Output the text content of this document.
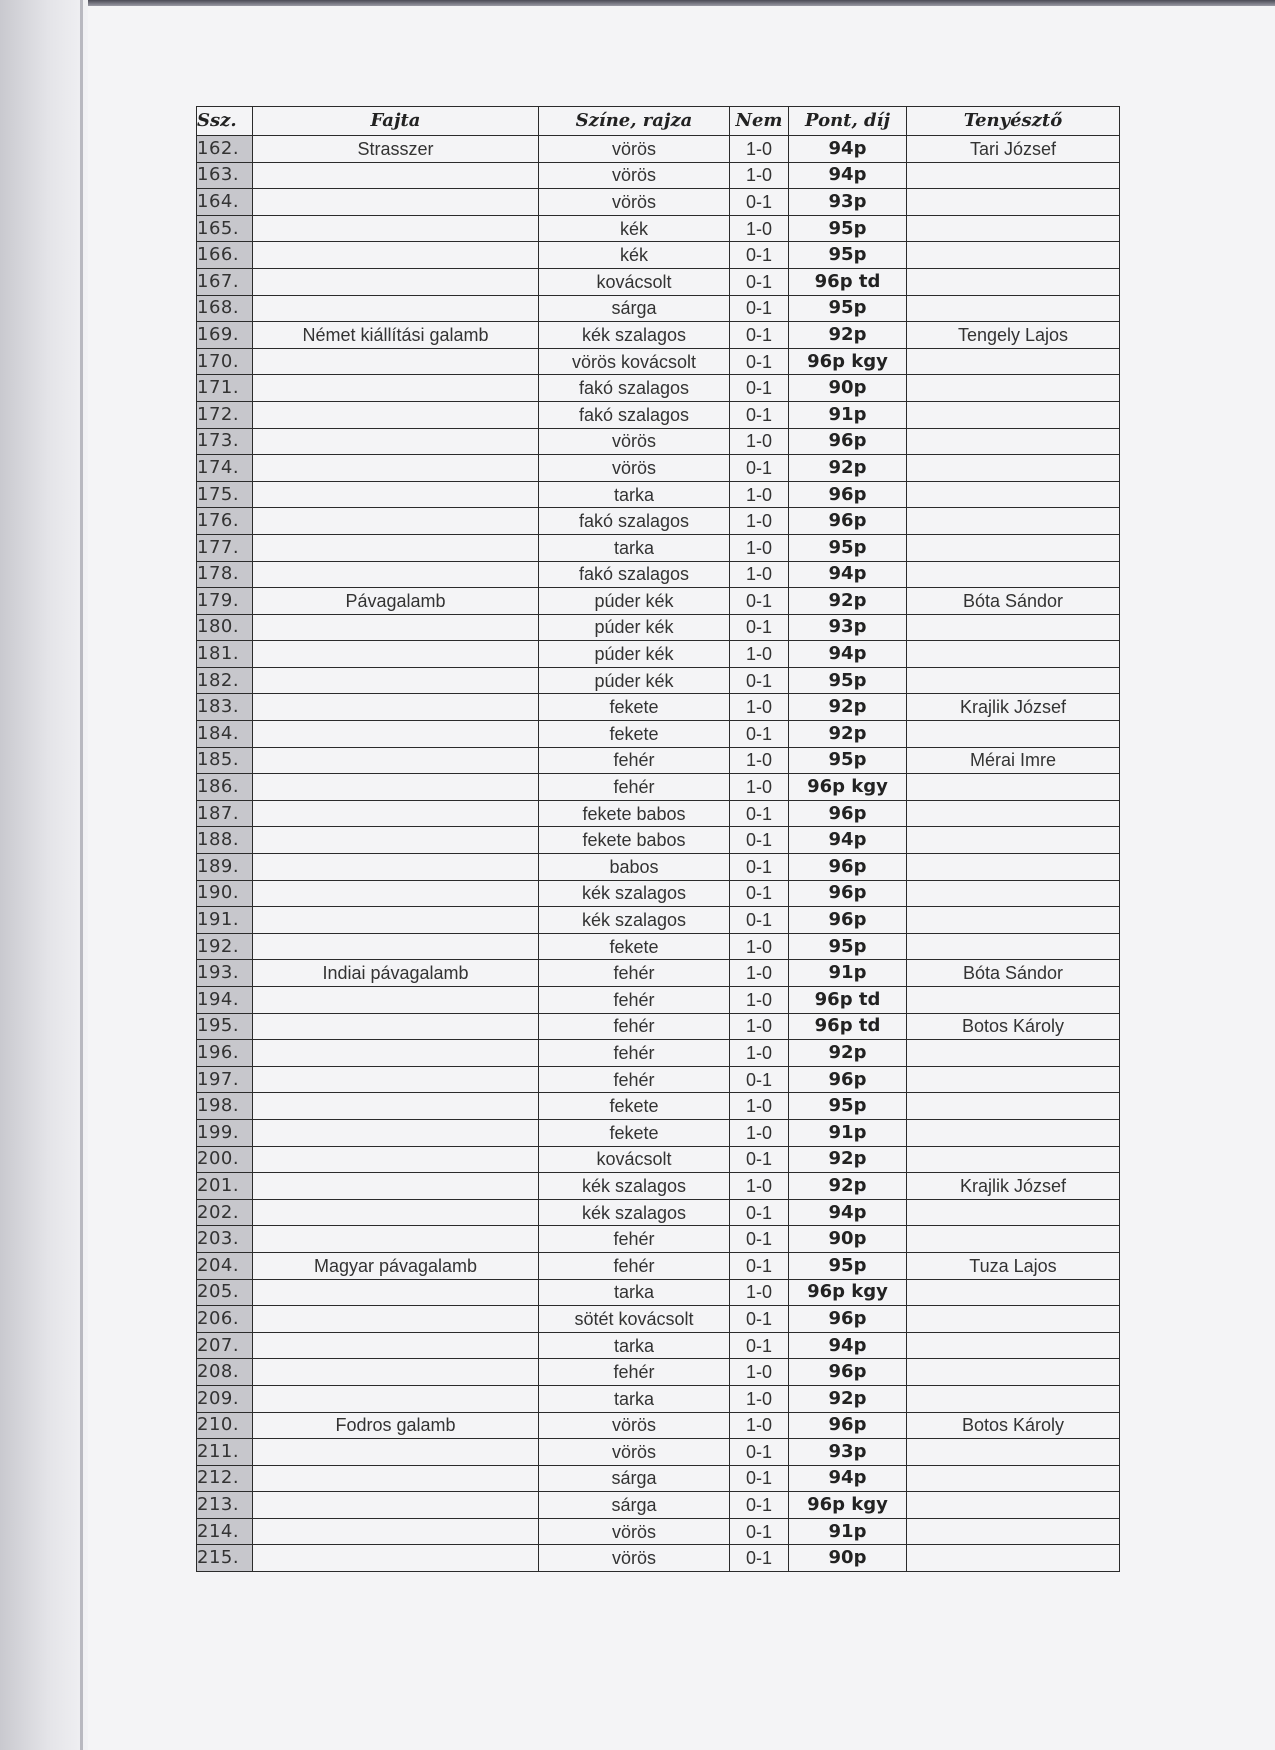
Ssz.	Fajta	Színe, rajza	Nem	Pont, díj	Tenyésztő
162.	Strasszer	vörös	1-0	94p	Tari József
163.		vörös	1-0	94p	
164.		vörös	0-1	93p	
165.		kék	1-0	95p	
166.		kék	0-1	95p	
167.		kovácsolt	0-1	96p td	
168.		sárga	0-1	95p	
169.	Német kiállítási galamb	kék szalagos	0-1	92p	Tengely Lajos
170.		vörös kovácsolt	0-1	96p kgy	
171.		fakó szalagos	0-1	90p	
172.		fakó szalagos	0-1	91p	
173.		vörös	1-0	96p	
174.		vörös	0-1	92p	
175.		tarka	1-0	96p	
176.		fakó szalagos	1-0	96p	
177.		tarka	1-0	95p	
178.		fakó szalagos	1-0	94p	
179.	Pávagalamb	púder kék	0-1	92p	Bóta Sándor
180.		púder kék	0-1	93p	
181.		púder kék	1-0	94p	
182.		púder kék	0-1	95p	
183.		fekete	1-0	92p	Krajlik József
184.		fekete	0-1	92p	
185.		fehér	1-0	95p	Mérai Imre
186.		fehér	1-0	96p kgy	
187.		fekete babos	0-1	96p	
188.		fekete babos	0-1	94p	
189.		babos	0-1	96p	
190.		kék szalagos	0-1	96p	
191.		kék szalagos	0-1	96p	
192.		fekete	1-0	95p	
193.	Indiai pávagalamb	fehér	1-0	91p	Bóta Sándor
194.		fehér	1-0	96p td	
195.		fehér	1-0	96p td	Botos Károly
196.		fehér	1-0	92p	
197.		fehér	0-1	96p	
198.		fekete	1-0	95p	
199.		fekete	1-0	91p	
200.		kovácsolt	0-1	92p	
201.		kék szalagos	1-0	92p	Krajlik József
202.		kék szalagos	0-1	94p	
203.		fehér	0-1	90p	
204.	Magyar pávagalamb	fehér	0-1	95p	Tuza Lajos
205.		tarka	1-0	96p kgy	
206.		sötét kovácsolt	0-1	96p	
207.		tarka	0-1	94p	
208.		fehér	1-0	96p	
209.		tarka	1-0	92p	
210.	Fodros galamb	vörös	1-0	96p	Botos Károly
211.		vörös	0-1	93p	
212.		sárga	0-1	94p	
213.		sárga	0-1	96p kgy	
214.		vörös	0-1	91p	
215.		vörös	0-1	90p	
